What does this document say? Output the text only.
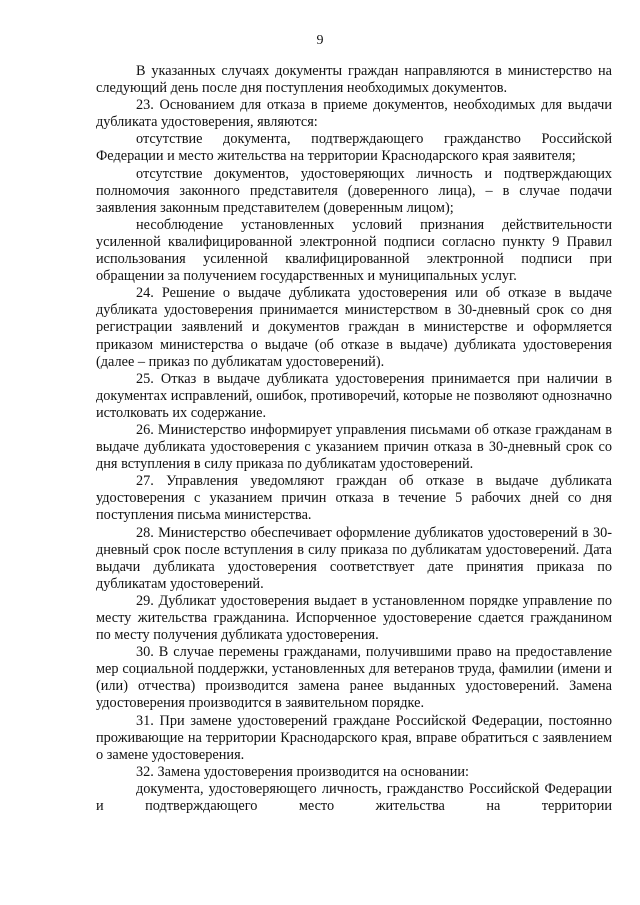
9

В указанных случаях документы граждан направляются в министерство на следующий день после дня поступления необходимых документов.

23. Основанием для отказа в приеме документов, необходимых для выдачи дубликата удостоверения, являются:

отсутствие документа, подтверждающего гражданство Российской Федерации и место жительства на территории Краснодарского края заявителя;

отсутствие документов, удостоверяющих личность и подтверждающих полномочия законного представителя (доверенного лица), – в случае подачи заявления законным представителем (доверенным лицом);

несоблюдение установленных условий признания действительности усиленной квалифицированной электронной подписи согласно пункту 9 Правил использования усиленной квалифицированной электронной подписи при обращении за получением государственных и муниципальных услуг.

24. Решение о выдаче дубликата удостоверения или об отказе в выдаче дубликата удостоверения принимается министерством в 30-дневный срок со дня регистрации заявлений и документов граждан в министерстве и оформляется приказом министерства о выдаче (об отказе в выдаче) дубликата удостоверения (далее – приказ по дубликатам удостоверений).

25. Отказ в выдаче дубликата удостоверения принимается при наличии в документах исправлений, ошибок, противоречий, которые не позволяют однозначно истолковать их содержание.

26. Министерство информирует управления письмами об отказе гражданам в выдаче дубликата удостоверения с указанием причин отказа в 30-дневный срок со дня вступления в силу приказа по дубликатам удостоверений.

27. Управления уведомляют граждан об отказе в выдаче дубликата удостоверения с указанием причин отказа в течение 5 рабочих дней со дня поступления письма министерства.

28. Министерство обеспечивает оформление дубликатов удостоверений в 30-дневный срок после вступления в силу приказа по дубликатам удостоверений. Дата выдачи дубликата удостоверения соответствует дате принятия приказа по дубликатам удостоверений.

29. Дубликат удостоверения выдает в установленном порядке управление по месту жительства гражданина. Испорченное удостоверение сдается гражданином по месту получения дубликата удостоверения.

30. В случае перемены гражданами, получившими право на предоставление мер социальной поддержки, установленных для ветеранов труда, фамилии (имени и (или) отчества) производится замена ранее выданных удостоверений. Замена удостоверения производится в заявительном порядке.

31. При замене удостоверений граждане Российской Федерации, постоянно проживающие на территории Краснодарского края, вправе обратиться с заявлением о замене удостоверения.

32. Замена удостоверения производится на основании:

документа, удостоверяющего личность, гражданство Российской Федерации и подтверждающего место жительства на территории
